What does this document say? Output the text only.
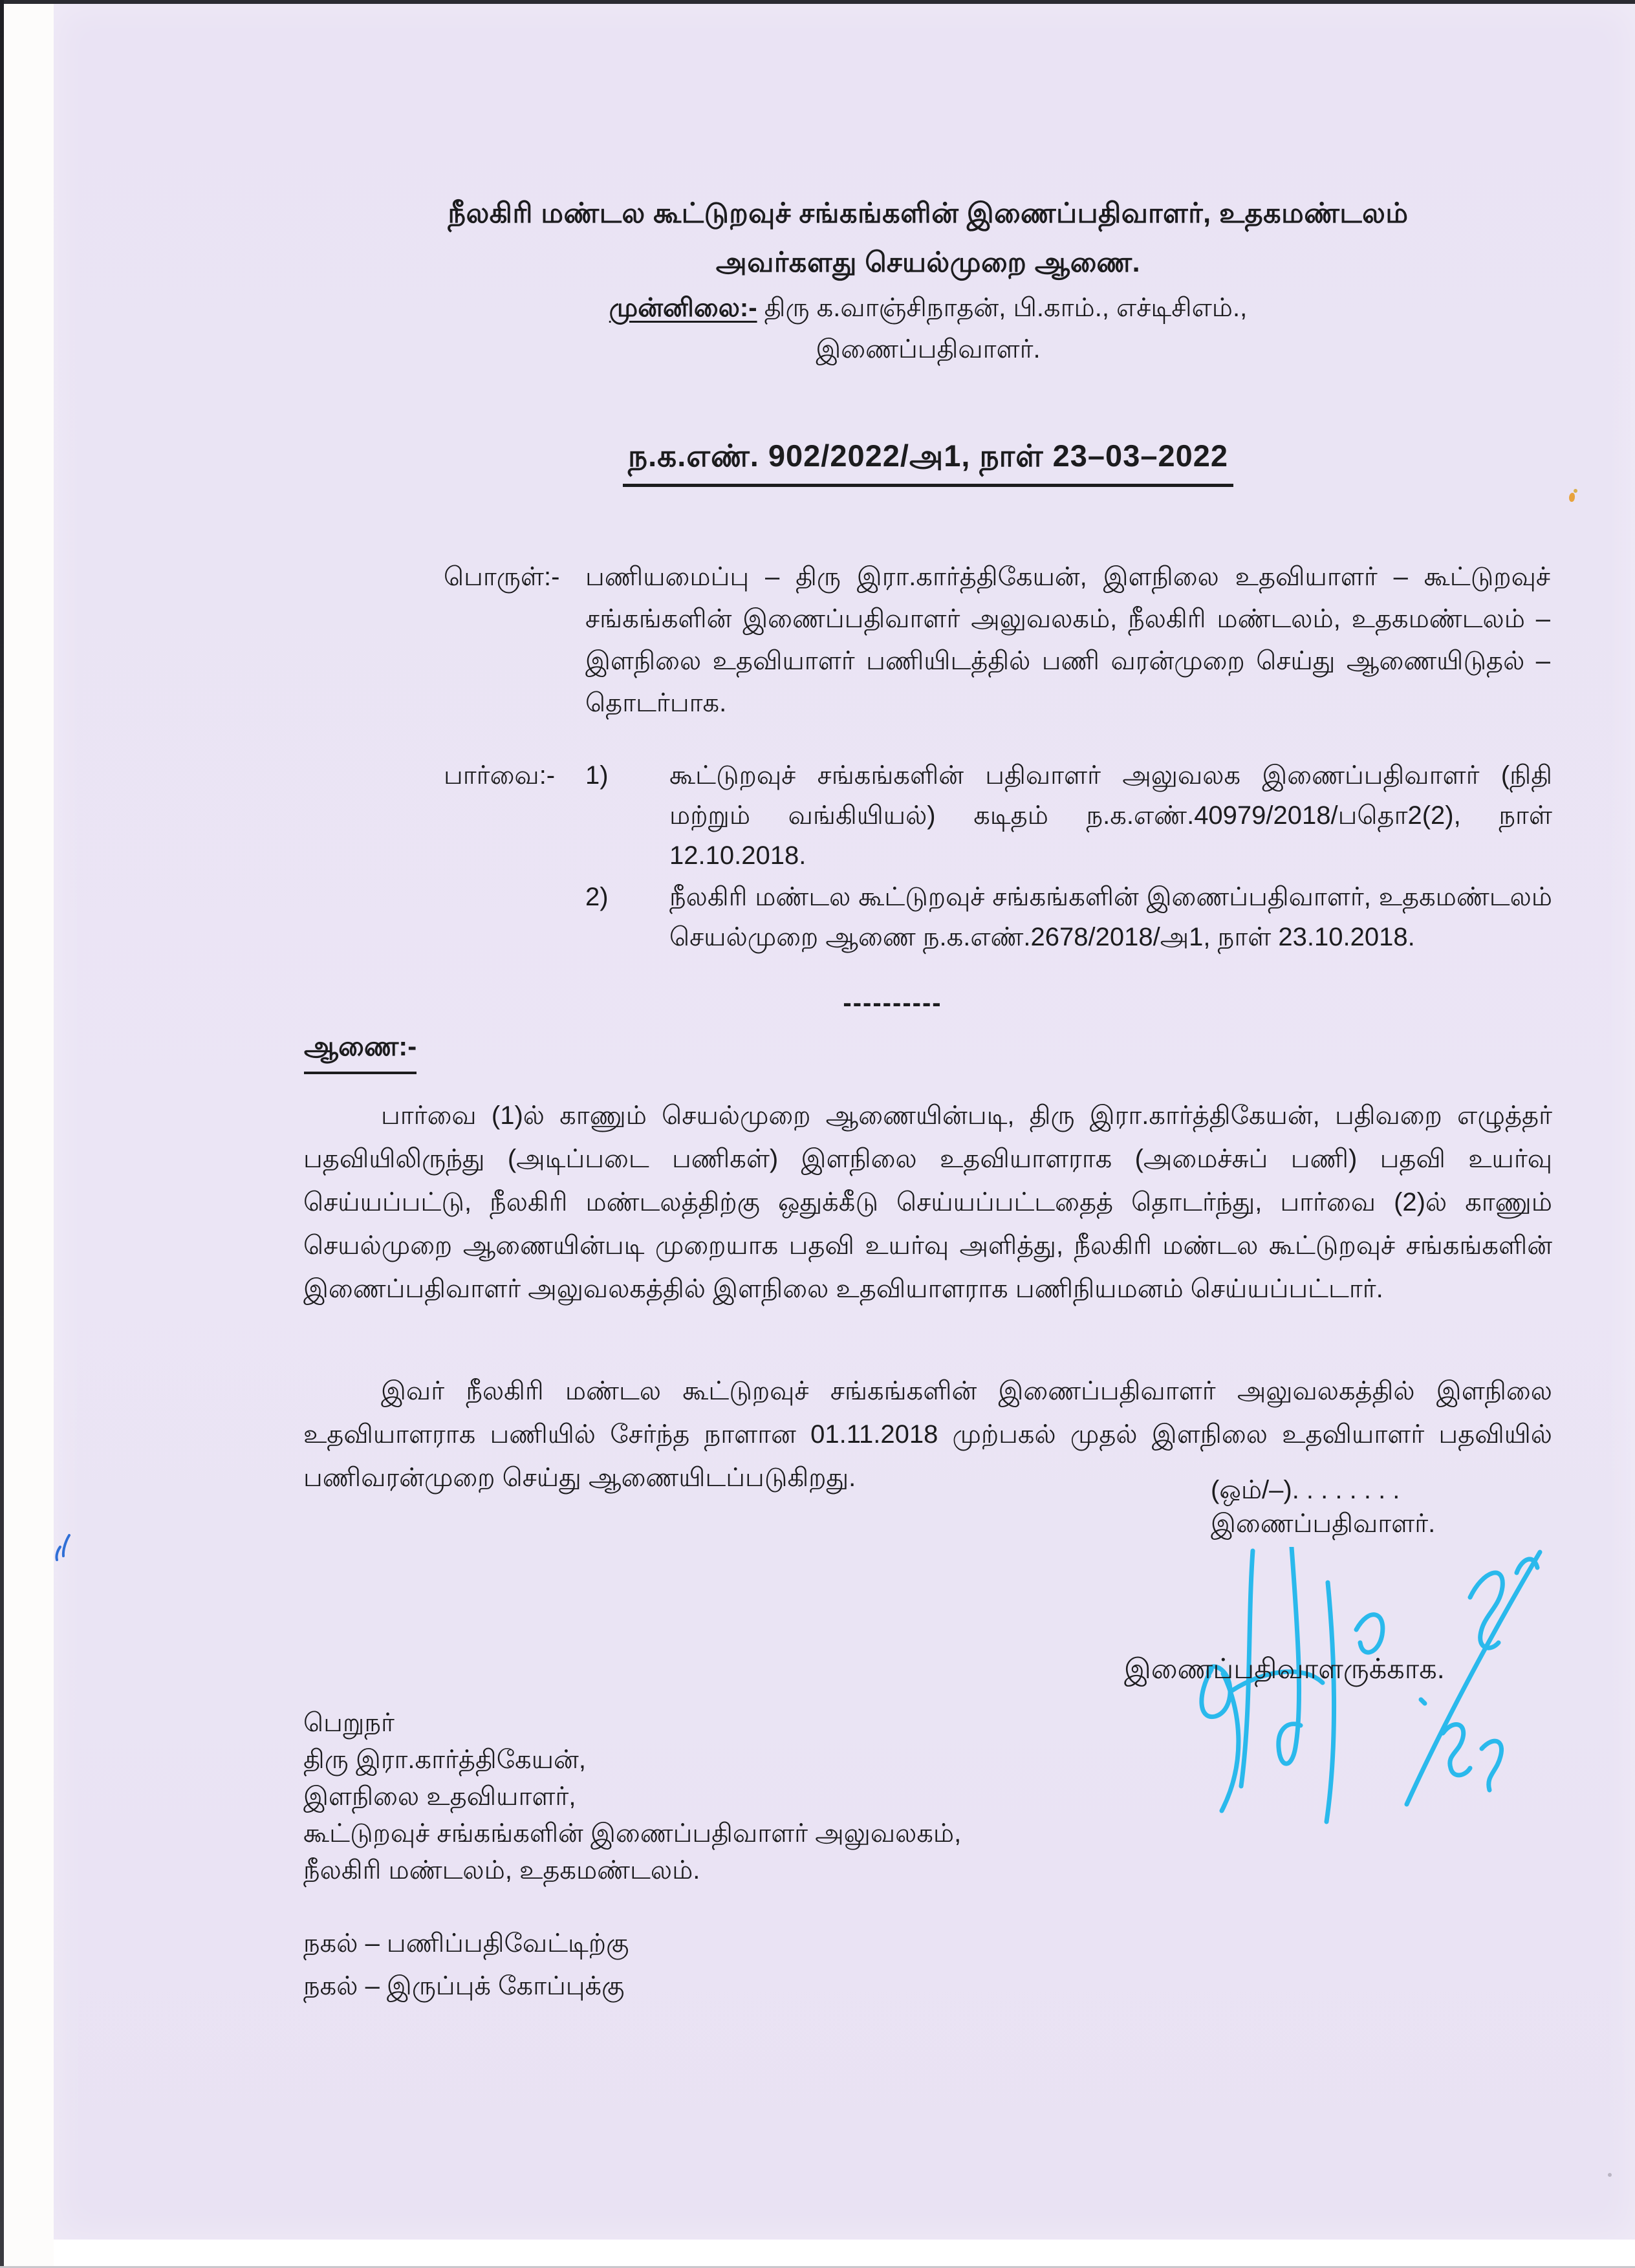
நீலகிரி மண்டல கூட்டுறவுச் சங்கங்களின் இணைப்பதிவாளர், உதகமண்டலம்
அவர்களது செயல்முறை ஆணை.
முன்னிலை:- திரு க.வாஞ்சிநாதன், பி.காம்., எச்டிசிஎம்.,
இணைப்பதிவாளர்.
ந.க.எண். 902/2022/அ1, நாள் 23–03–2022
பொருள்:- பணியமைப்பு – திரு இரா.கார்த்திகேயன், இளநிலை உதவியாளர் – கூட்டுறவுச் சங்கங்களின் இணைப்பதிவாளர் அலுவலகம், நீலகிரி மண்டலம், உதகமண்டலம் – இளநிலை உதவியாளர் பணியிடத்தில் பணி வரன்முறை செய்து ஆணையிடுதல் – தொடர்பாக.
பார்வை:-	1)	கூட்டுறவுச் சங்கங்களின் பதிவாளர் அலுவலக இணைப்பதிவாளர் (நிதி மற்றும் வங்கியியல்) கடிதம் ந.க.எண்.40979/2018/பதொ2(2), நாள் 12.10.2018.
2)	நீலகிரி மண்டல கூட்டுறவுச் சங்கங்களின் இணைப்பதிவாளர், உதகமண்டலம் செயல்முறை ஆணை ந.க.எண்.2678/2018/அ1, நாள் 23.10.2018.
----------
ஆணை:-
பார்வை (1)ல் காணும் செயல்முறை ஆணையின்படி, திரு இரா.கார்த்திகேயன், பதிவறை எழுத்தர் பதவியிலிருந்து (அடிப்படை பணிகள்) இளநிலை உதவியாளராக (அமைச்சுப் பணி) பதவி உயர்வு செய்யப்பட்டு, நீலகிரி மண்டலத்திற்கு ஒதுக்கீடு செய்யப்பட்டதைத் தொடர்ந்து, பார்வை (2)ல் காணும் செயல்முறை ஆணையின்படி முறையாக பதவி உயர்வு அளித்து, நீலகிரி மண்டல கூட்டுறவுச் சங்கங்களின் இணைப்பதிவாளர் அலுவலகத்தில் இளநிலை உதவியாளராக பணிநியமனம் செய்யப்பட்டார்.
இவர் நீலகிரி மண்டல கூட்டுறவுச் சங்கங்களின் இணைப்பதிவாளர் அலுவலகத்தில் இளநிலை உதவியாளராக பணியில் சேர்ந்த நாளான 01.11.2018 முற்பகல் முதல் இளநிலை உதவியாளர் பதவியில் பணிவரன்முறை செய்து ஆணையிடப்படுகிறது.	(ஒம்/–). . . . . . . .
இணைப்பதிவாளர்.
இணைப்பதிவாளருக்காக.
பெறுநர்
திரு இரா.கார்த்திகேயன்,
இளநிலை உதவியாளர்,
கூட்டுறவுச் சங்கங்களின் இணைப்பதிவாளர் அலுவலகம்,
நீலகிரி மண்டலம், உதகமண்டலம்.
நகல் – பணிப்பதிவேட்டிற்கு
நகல் – இருப்புக் கோப்புக்கு
